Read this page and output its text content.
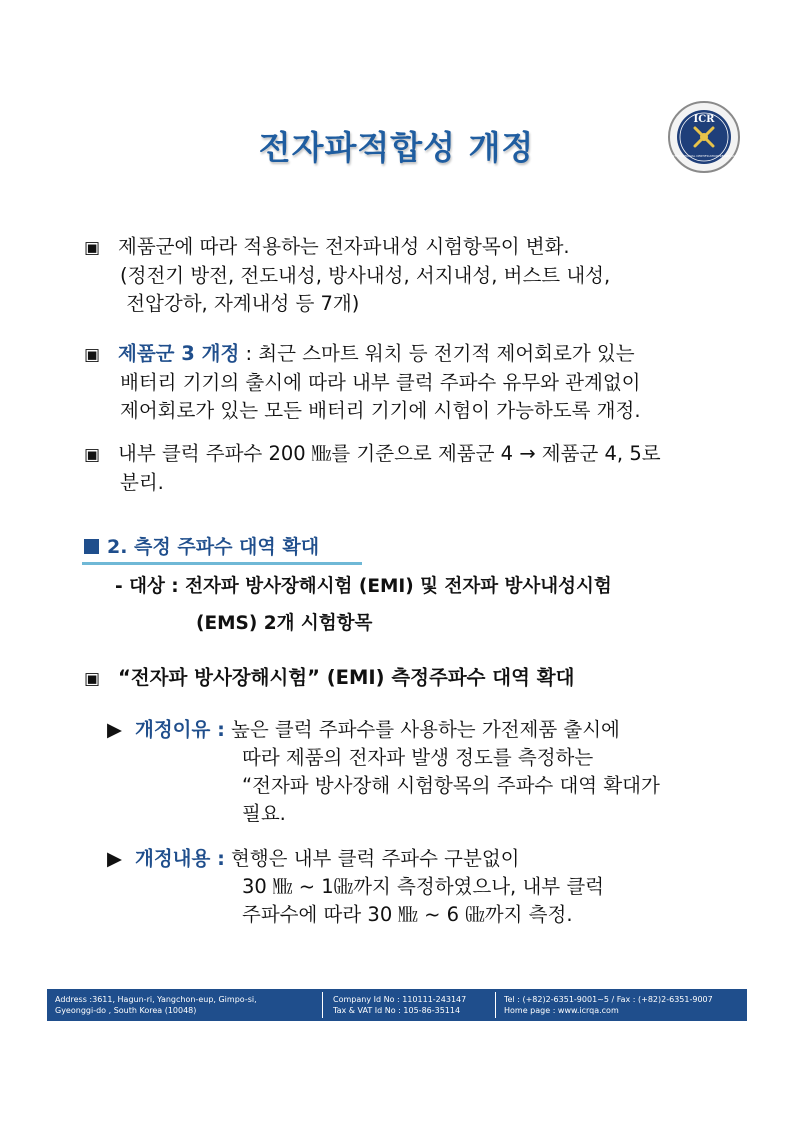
전자파적합성 개정
ICR
INTERNATIONAL CERTIFICATION REGISTRAR
▣ 제품군에 따라 적용하는 전자파내성 시험항목이 변화.
(정전기 방전, 전도내성, 방사내성, 서지내성, 버스트 내성,
전압강하, 자계내성 등 7개)
▣ 제품군 3 개정 : 최근 스마트 워치 등 전기적 제어회로가 있는
배터리 기기의 출시에 따라 내부 클럭 주파수 유무와 관계없이
제어회로가 있는 모든 배터리 기기에 시험이 가능하도록 개정.
▣ 내부 클럭 주파수 200 ㎒를 기준으로 제품군 4 → 제품군 4, 5로
분리.
2. 측정 주파수 대역 확대
- 대상 : 전자파 방사장해시험 (EMI) 및 전자파 방사내성시험
(EMS) 2개 시험항목
▣ “전자파 방사장해시험” (EMI) 측정주파수 대역 확대
▶ 개정이유 : 높은 클럭 주파수를 사용하는 가전제품 출시에
따라 제품의 전자파 발생 정도를 측정하는
“전자파 방사장해 시험항목의 주파수 대역 확대가
필요.
▶ 개정내용 : 현행은 내부 클럭 주파수 구분없이
30 ㎒ ~ 1㎓까지 측정하였으나, 내부 클럭
주파수에 따라 30 ㎒ ~ 6 ㎓까지 측정.
Address :3611, Hagun-ri, Yangchon-eup, Gimpo-si,
Gyeonggi-do , South Korea (10048)
Company Id No : 110111-243147
Tax & VAT Id No : 105-86-35114
Tel : (+82)2-6351-9001~5 / Fax : (+82)2-6351-9007
Home page : www.icrqa.com
